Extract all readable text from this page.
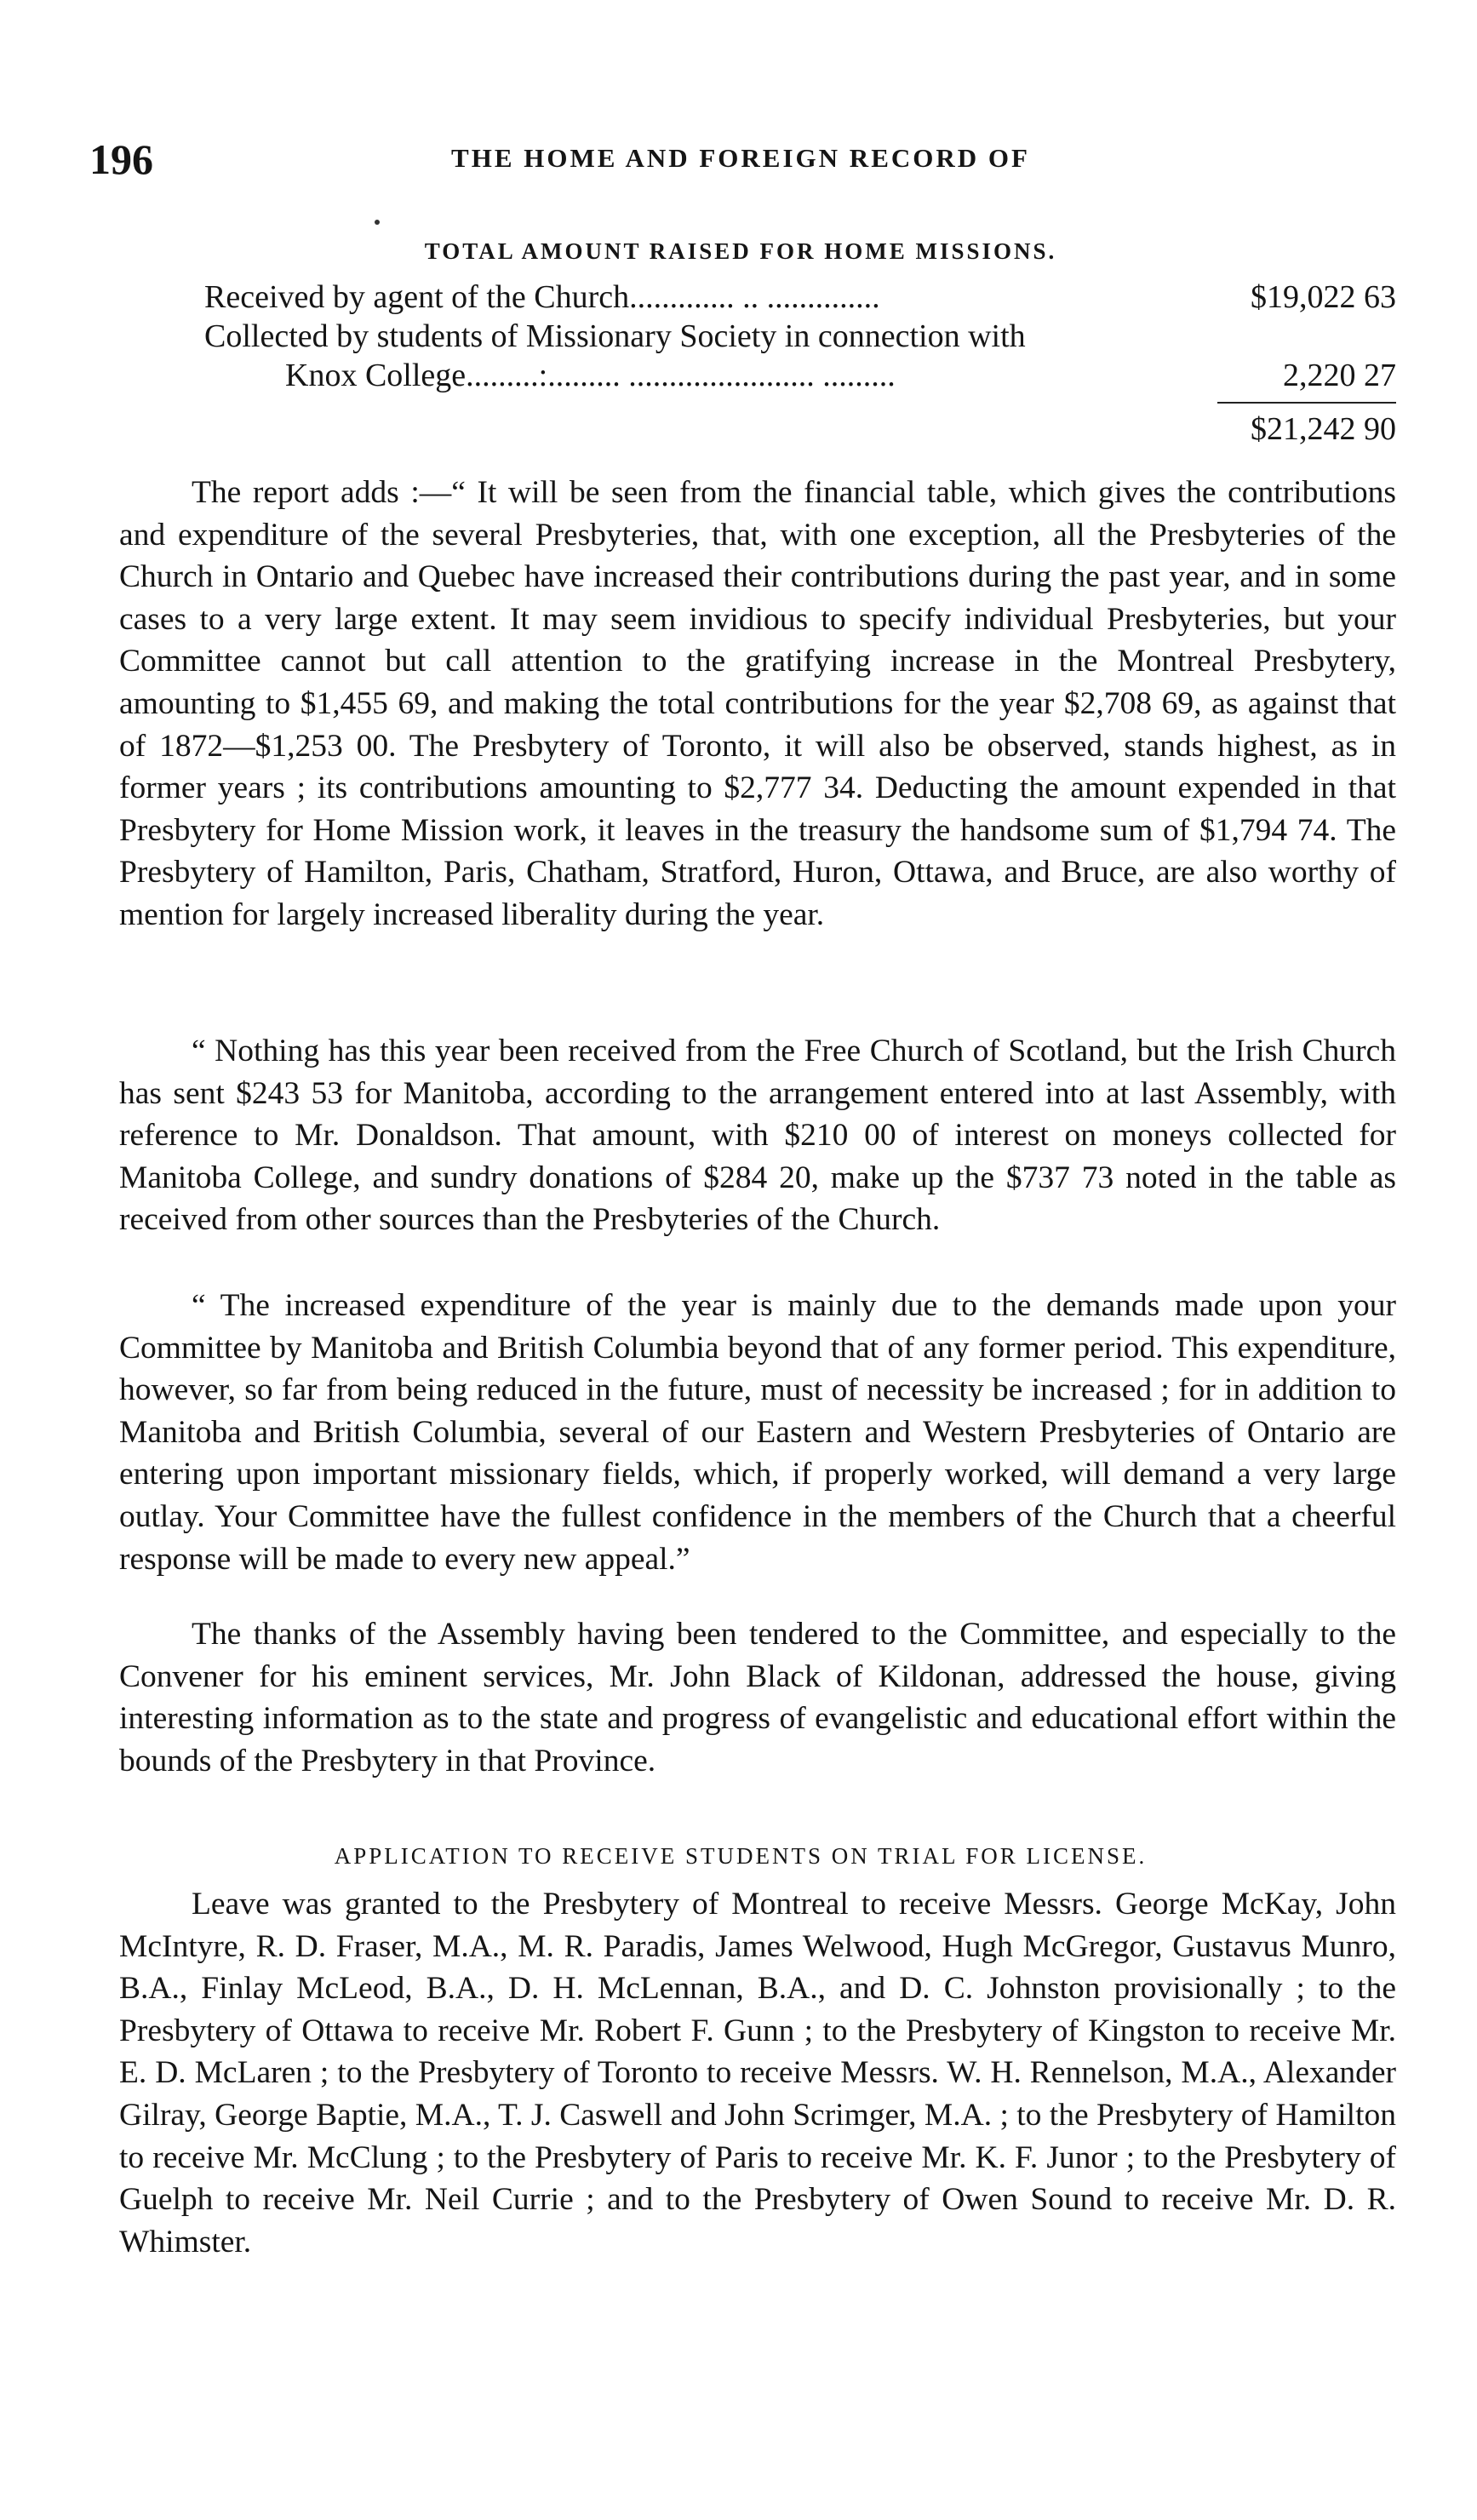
196	THE HOME AND FOREIGN RECORD OF
TOTAL AMOUNT RAISED FOR HOME MISSIONS.
Received by agent of the Church............. .. ..............	$19,022 63
Collected by students of Missionary Society in connection with
Knox College.........:......... ....................... .........	2,220 27
$21,242 90

The report adds :—“ It will be seen from the financial table, which gives the contributions and expenditure of the several Presbyteries, that, with one exception, all the Presbyteries of the Church in Ontario and Quebec have increased their contributions during the past year, and in some cases to a very large extent. It may seem invidious to specify individual Presbyteries, but your Committee cannot but call attention to the gratifying increase in the Montreal Presbytery, amounting to $1,455 69, and making the total contributions for the year $2,708 69, as against that of 1872—$1,253 00. The Presbytery of Toronto, it will also be observed, stands highest, as in former years ; its contributions amounting to $2,777 34. Deducting the amount expended in that Presbytery for Home Mission work, it leaves in the treasury the handsome sum of $1,794 74. The Presbytery of Hamilton, Paris, Chatham, Stratford, Huron, Ottawa, and Bruce, are also worthy of mention for largely increased liberality during the year.

“ Nothing has this year been received from the Free Church of Scotland, but the Irish Church has sent $243 53 for Manitoba, according to the arrangement entered into at last Assembly, with reference to Mr. Donaldson. That amount, with $210 00 of interest on moneys collected for Manitoba College, and sundry donations of $284 20, make up the $737 73 noted in the table as received from other sources than the Presbyteries of the Church.

“ The increased expenditure of the year is mainly due to the demands made upon your Committee by Manitoba and British Columbia beyond that of any former period. This expenditure, however, so far from being reduced in the future, must of necessity be increased ; for in addition to Manitoba and British Columbia, several of our Eastern and Western Presbyteries of Ontario are entering upon important missionary fields, which, if properly worked, will demand a very large outlay. Your Committee have the fullest confidence in the members of the Church that a cheerful response will be made to every new appeal.”

The thanks of the Assembly having been tendered to the Committee, and especially to the Convener for his eminent services, Mr. John Black of Kildonan, addressed the house, giving interesting information as to the state and progress of evangelistic and educational effort within the bounds of the Presbytery in that Province.

APPLICATION TO RECEIVE STUDENTS ON TRIAL FOR LICENSE.

Leave was granted to the Presbytery of Montreal to receive Messrs. George McKay, John McIntyre, R. D. Fraser, M.A., M. R. Paradis, James Welwood, Hugh McGregor, Gustavus Munro, B.A., Finlay McLeod, B.A., D. H. McLennan, B.A., and D. C. Johnston provisionally ; to the Presbytery of Ottawa to receive Mr. Robert F. Gunn ; to the Presbytery of Kingston to receive Mr. E. D. McLaren ; to the Presbytery of Toronto to receive Messrs. W. H. Rennelson, M.A., Alexander Gilray, George Baptie, M.A., T. J. Caswell and John Scrimger, M.A. ; to the Presbytery of Hamilton to receive Mr. McClung ; to the Presbytery of Paris to receive Mr. K. F. Junor ; to the Presbytery of Guelph to receive Mr. Neil Currie ; and to the Presbytery of Owen Sound to receive Mr. D. R. Whimster.
